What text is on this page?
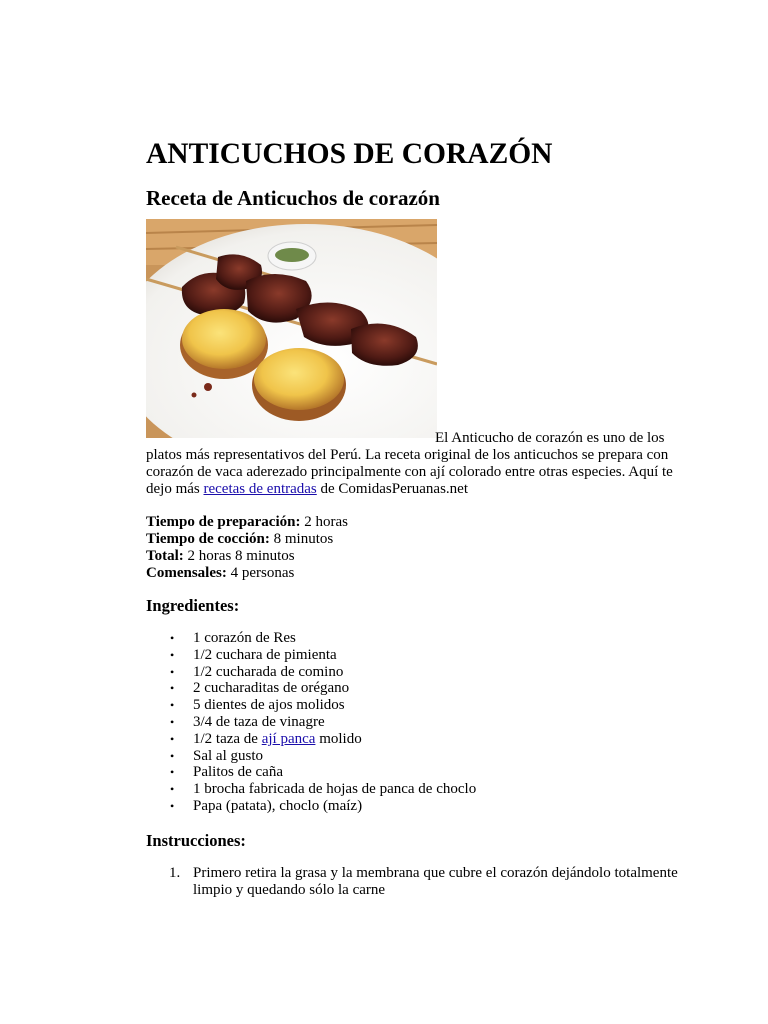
ANTICUCHOS DE CORAZÓN
Receta de Anticuchos de corazón

El Anticucho de corazón es uno de los platos más representativos del Perú. La receta original de los anticuchos se prepara con corazón de vaca aderezado principalmente con ají colorado entre otras especies. Aquí te dejo más recetas de entradas de ComidasPeruanas.net

Tiempo de preparación: 2 horas
Tiempo de cocción: 8 minutos
Total: 2 horas 8 minutos
Comensales: 4 personas
Ingredientes:
• 1 corazón de Res
• 1/2 cuchara de pimienta
• 1/2 cucharada de comino
• 2 cucharaditas de orégano
• 5 dientes de ajos molidos
• 3/4 de taza de vinagre
• 1/2 taza de ají panca molido
• Sal al gusto
• Palitos de caña
• 1 brocha fabricada de hojas de panca de choclo
• Papa (patata), choclo (maíz)
Instrucciones:
1. Primero retira la grasa y la membrana que cubre el corazón dejándolo totalmente limpio y quedando sólo la carne
